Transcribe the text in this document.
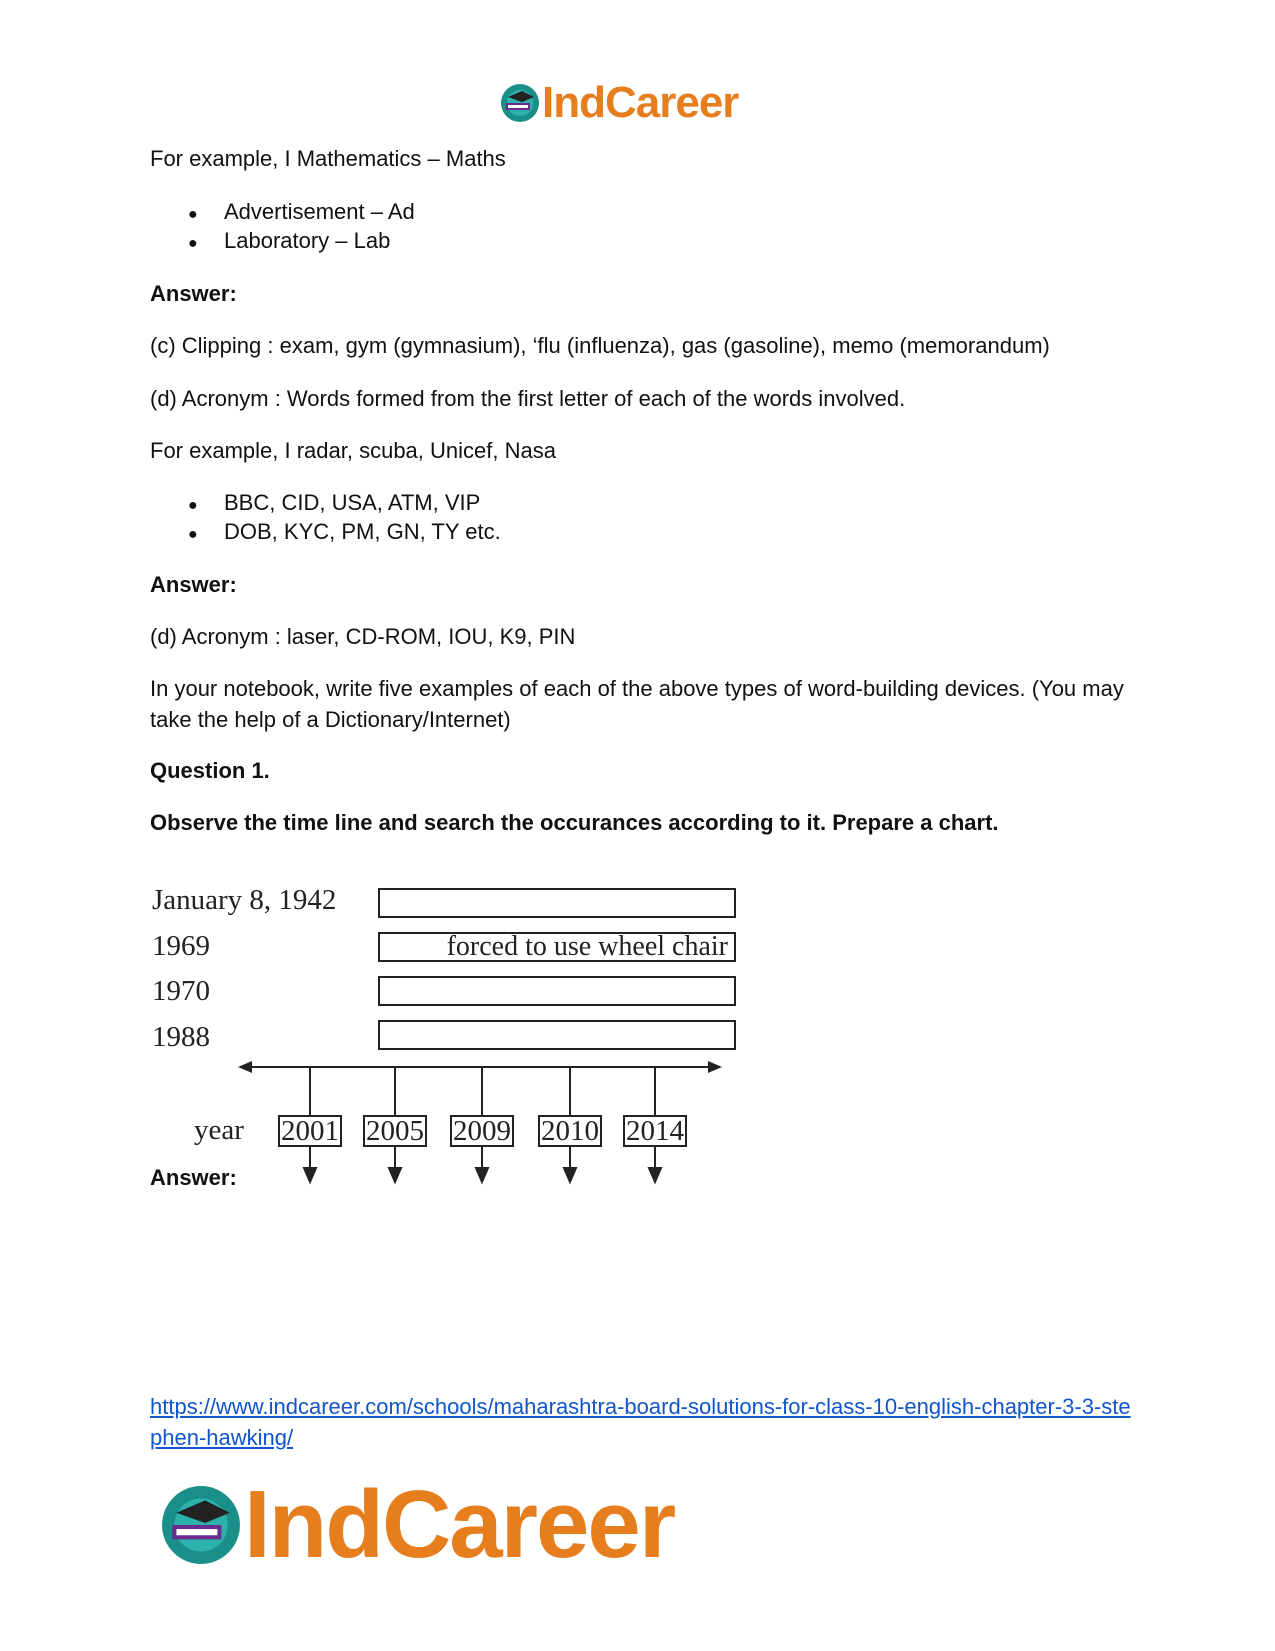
IndCareer

For example, I Mathematics – Maths

● Advertisement – Ad
● Laboratory – Lab

Answer:

(c) Clipping : exam, gym (gymnasium), ‘flu (influenza), gas (gasoline), memo (memorandum)

(d) Acronym : Words formed from the first letter of each of the words involved.

For example, I radar, scuba, Unicef, Nasa

● BBC, CID, USA, ATM, VIP
● DOB, KYC, PM, GN, TY etc.

Answer:

(d) Acronym : laser, CD-ROM, IOU, K9, PIN

In your notebook, write five examples of each of the above types of word-building devices. (You may take the help of a Dictionary/Internet)

Question 1.

Observe the time line and search the occurances according to it. Prepare a chart.

Answer:

January 8, 1942
1969	forced to use wheel chair
1970
1988
year 2001 2005 2009 2010 2014
https://www.indcareer.com/schools/maharashtra-board-solutions-for-class-10-english-chapter-3-3-stephen-hawking/
IndCareer
